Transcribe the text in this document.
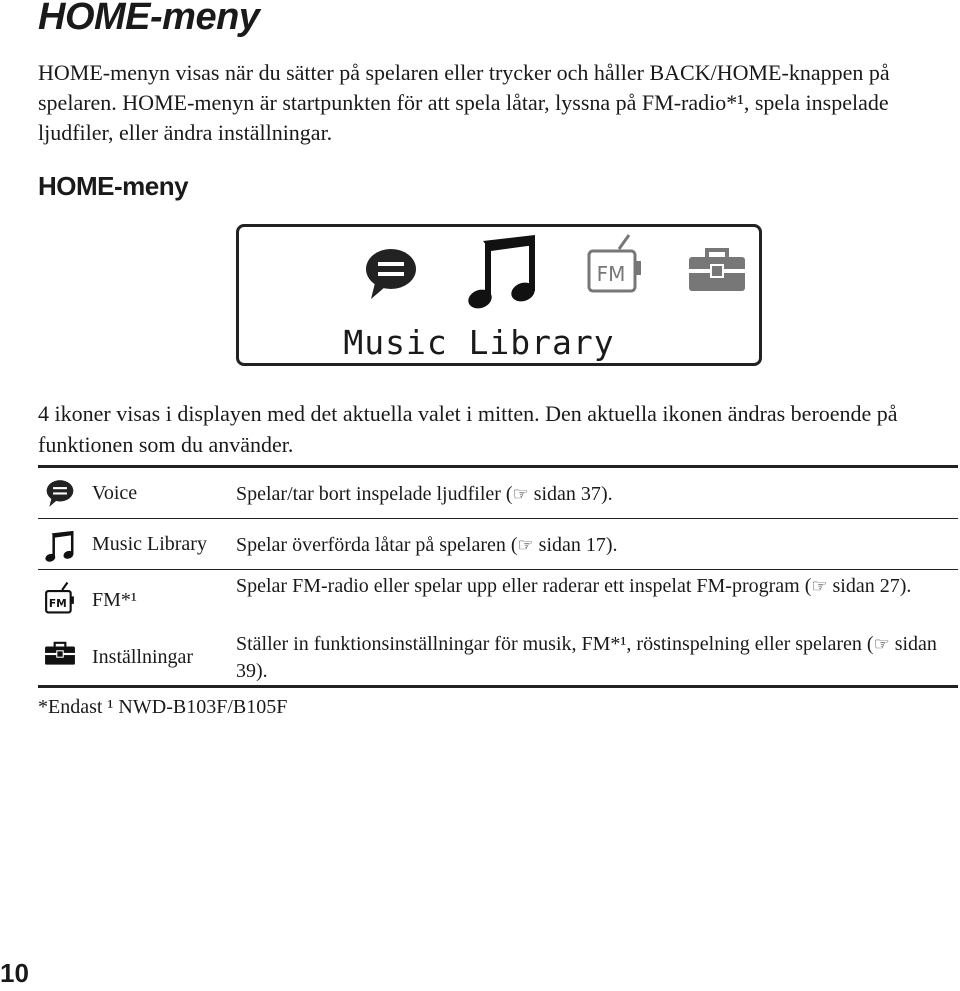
HOME-meny
HOME-menyn visas när du sätter på spelaren eller trycker och håller BACK/HOME-knappen på spelaren. HOME-menyn är startpunkten för att spela låtar, lyssna på FM-radio*¹, spela inspelade ljudfiler, eller ändra inställningar.
HOME-meny
FM
Music Library
4 ikoner visas i displayen med det aktuella valet i mitten. Den aktuella ikonen ändras beroende på funktionen som du använder.
Voice	Spelar/tar bort inspelade ljudfiler (☞ sidan 37).
Music Library Spelar överförda låtar på spelaren (☞ sidan 17).
FM FM*¹
Spelar FM-radio eller spelar upp eller raderar ett inspelat FM-program (☞ sidan 27).
Inställningar
Ställer in funktionsinställningar för musik, FM*¹, röstinspelning eller spelaren (☞ sidan 39).
*Endast ¹ NWD-B103F/B105F
10
